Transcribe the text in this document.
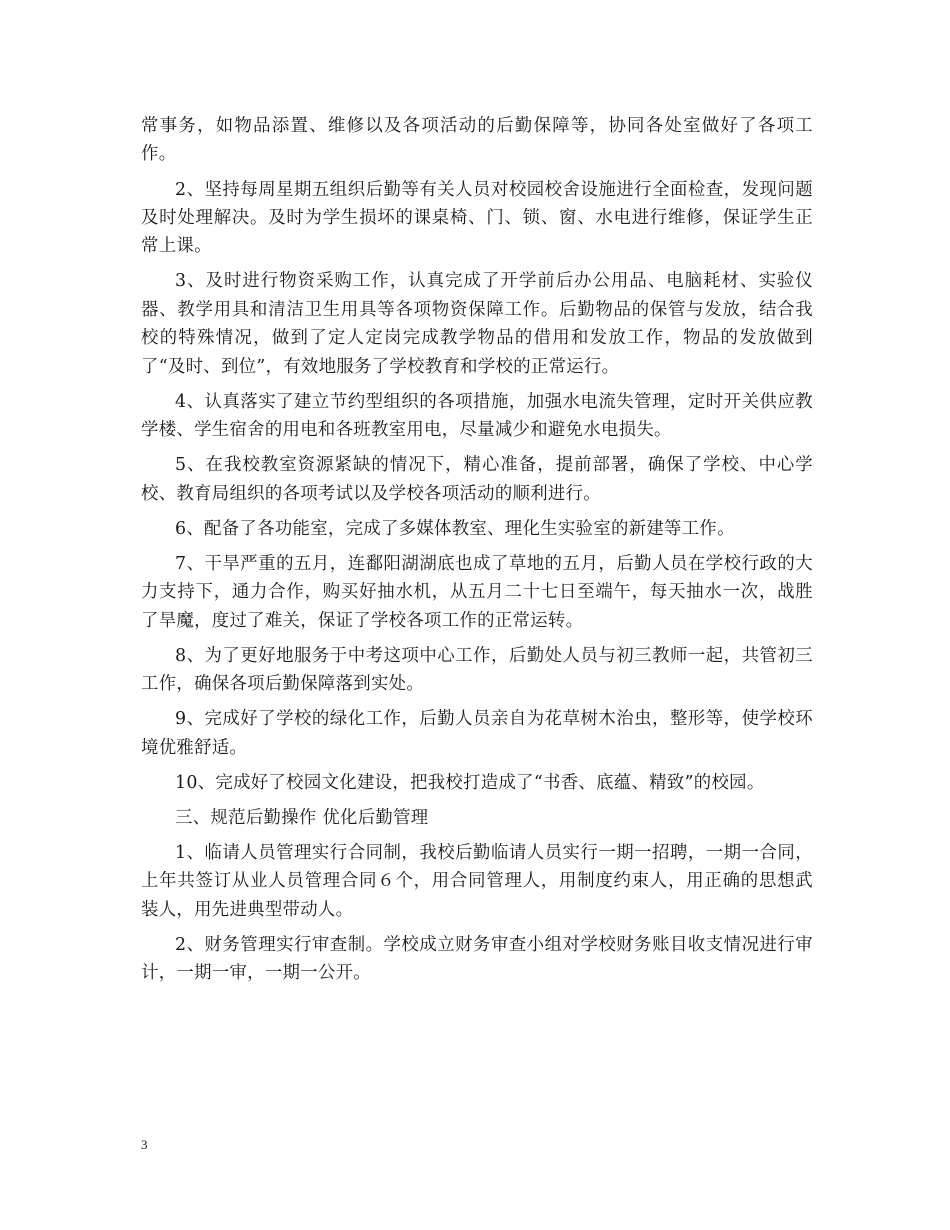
常事务，如物品添置、维修以及各项活动的后勤保障等，协同各处室做好了各项工作。

2、坚持每周星期五组织后勤等有关人员对校园校舍设施进行全面检查，发现问题及时处理解决。及时为学生损坏的课桌椅、门、锁、窗、水电进行维修，保证学生正常上课。

3、及时进行物资采购工作，认真完成了开学前后办公用品、电脑耗材、实验仪器、教学用具和清洁卫生用具等各项物资保障工作。后勤物品的保管与发放，结合我校的特殊情况，做到了定人定岗完成教学物品的借用和发放工作，物品的发放做到了“及时、到位”，有效地服务了学校教育和学校的正常运行。

4、认真落实了建立节约型组织的各项措施，加强水电流失管理，定时开关供应教学楼、学生宿舍的用电和各班教室用电，尽量减少和避免水电损失。

5、在我校教室资源紧缺的情况下，精心准备，提前部署，确保了学校、中心学校、教育局组织的各项考试以及学校各项活动的顺利进行。

6、配备了各功能室，完成了多媒体教室、理化生实验室的新建等工作。

7、干旱严重的五月，连鄱阳湖湖底也成了草地的五月，后勤人员在学校行政的大力支持下，通力合作，购买好抽水机，从五月二十七日至端午，每天抽水一次，战胜了旱魔，度过了难关，保证了学校各项工作的正常运转。

8、为了更好地服务于中考这项中心工作，后勤处人员与初三教师一起，共管初三工作，确保各项后勤保障落到实处。

9、完成好了学校的绿化工作，后勤人员亲自为花草树木治虫，整形等，使学校环境优雅舒适。

10、完成好了校园文化建设，把我校打造成了“书香、底蕴、精致”的校园。

三、规范后勤操作 优化后勤管理

1、临请人员管理实行合同制，我校后勤临请人员实行一期一招聘，一期一合同，上年共签订从业人员管理合同６个，用合同管理人，用制度约束人，用正确的思想武装人，用先进典型带动人。

2、财务管理实行审查制。学校成立财务审查小组对学校财务账目收支情况进行审计，一期一审，一期一公开。

3
